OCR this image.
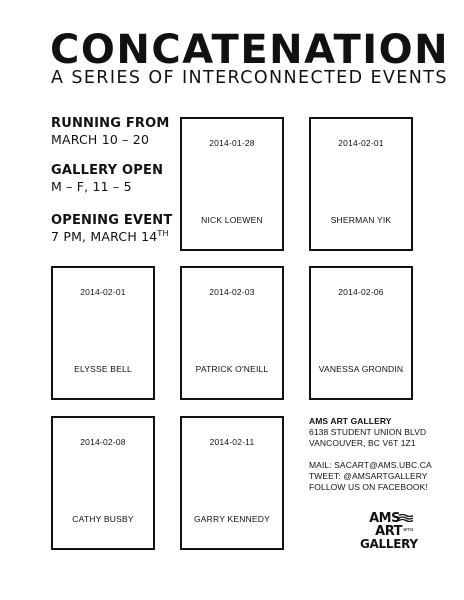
CONCATENATION
A SERIES OF INTERCONNECTED EVENTS
RUNNING FROM
MARCH 10 – 20
GALLERY OPEN
M – F, 11 – 5
OPENING EVENT
7 PM, MARCH 14TH
2014-01-28
NICK LOEWEN
2014-02-01
SHERMAN YIK
2014-02-01
ELYSSE BELL
2014-02-03
PATRICK O'NEILL
2014-02-06
VANESSA GRONDIN
2014-02-08
CATHY BUSBY
2014-02-11
GARRY KENNEDY
AMS ART GALLERY
6138 STUDENT UNION BLVD
VANCOUVER, BC V6T 1Z1
MAIL: SACART@AMS.UBC.CA
TWEET: @AMSARTGALLERY
FOLLOW US ON FACEBOOK!
AMS
ART
GALLERY
ams
